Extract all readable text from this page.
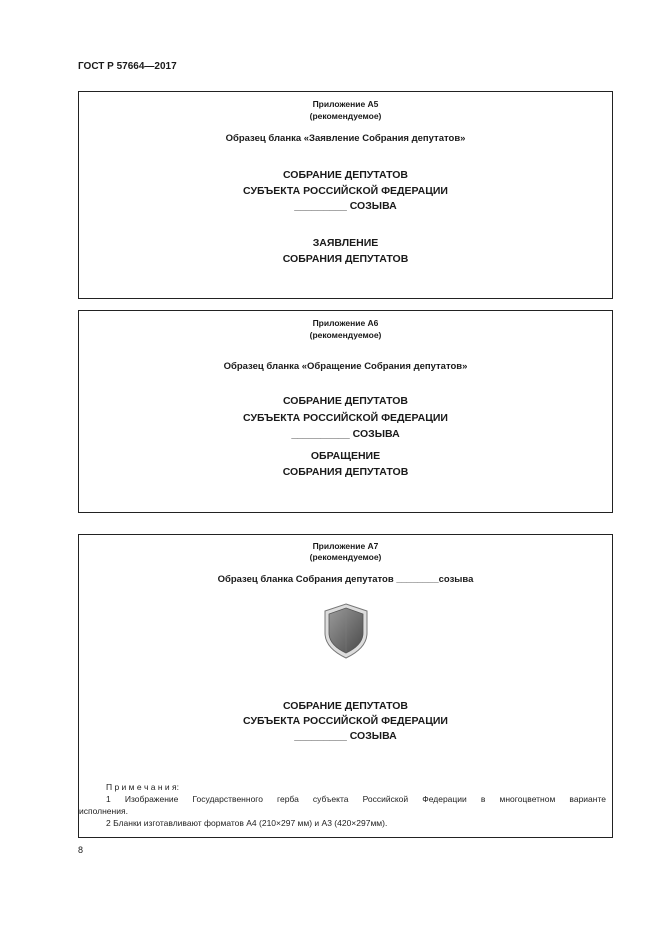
ГОСТ Р 57664—2017
Приложение А5
(рекомендуемое)
Образец бланка «Заявление Собрания депутатов»
СОБРАНИЕ ДЕПУТАТОВ
СУБЪЕКТА РОССИЙСКОЙ ФЕДЕРАЦИИ
_________ СОЗЫВА
ЗАЯВЛЕНИЕ
СОБРАНИЯ ДЕПУТАТОВ
Приложение А6
(рекомендуемое)
Образец бланка «Обращение Собрания депутатов»
СОБРАНИЕ ДЕПУТАТОВ
СУБЪЕКТА РОССИЙСКОЙ ФЕДЕРАЦИИ
__________ СОЗЫВА
ОБРАЩЕНИЕ
СОБРАНИЯ ДЕПУТАТОВ
Приложение А7
(рекомендуемое)
Образец бланка Собрания депутатов ________созыва
СОБРАНИЕ ДЕПУТАТОВ
СУБЪЕКТА РОССИЙСКОЙ ФЕДЕРАЦИИ
_________ СОЗЫВА
П р и м е ч а н и я:
1 Изображение Государственного герба субъекта Российской Федерации в многоцветном варианте
исполнения.
2 Бланки изготавливают форматов А4 (210×297 мм) и А3 (420×297мм).
8
